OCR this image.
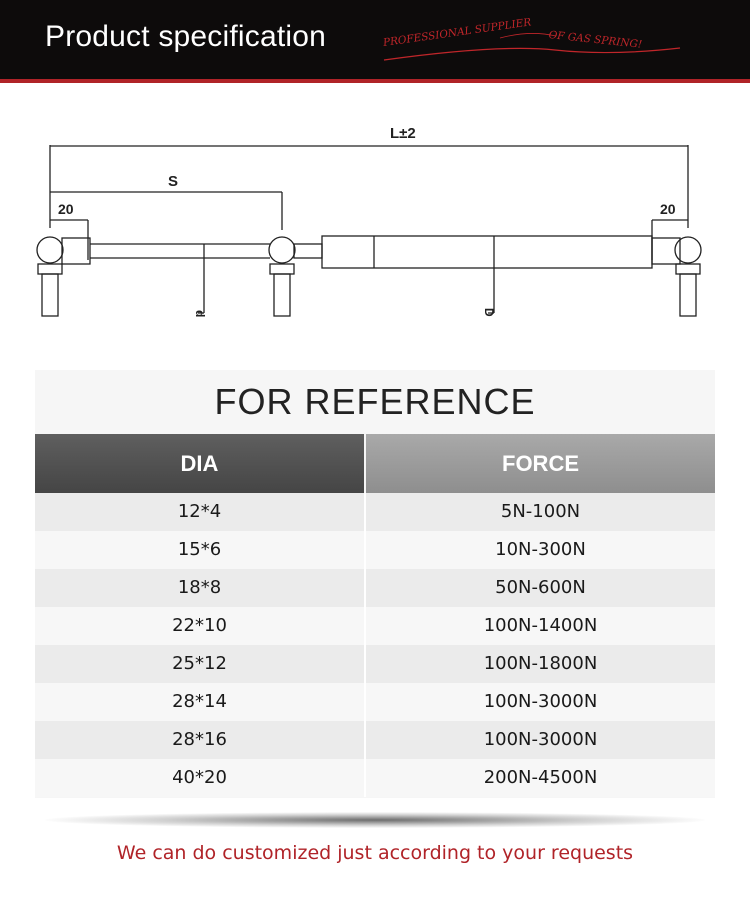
Product specification	PROFESSIONAL SUPPLIER OF GAS SPRING!
L±2
S
20	20
d	D
FOR REFERENCE
DIA	FORCE
12*4	5N-100N
15*6	10N-300N
18*8	50N-600N
22*10	100N-1400N
25*12	100N-1800N
28*14	100N-3000N
28*16	100N-3000N
40*20	200N-4500N
We can do customized just according to your requests
